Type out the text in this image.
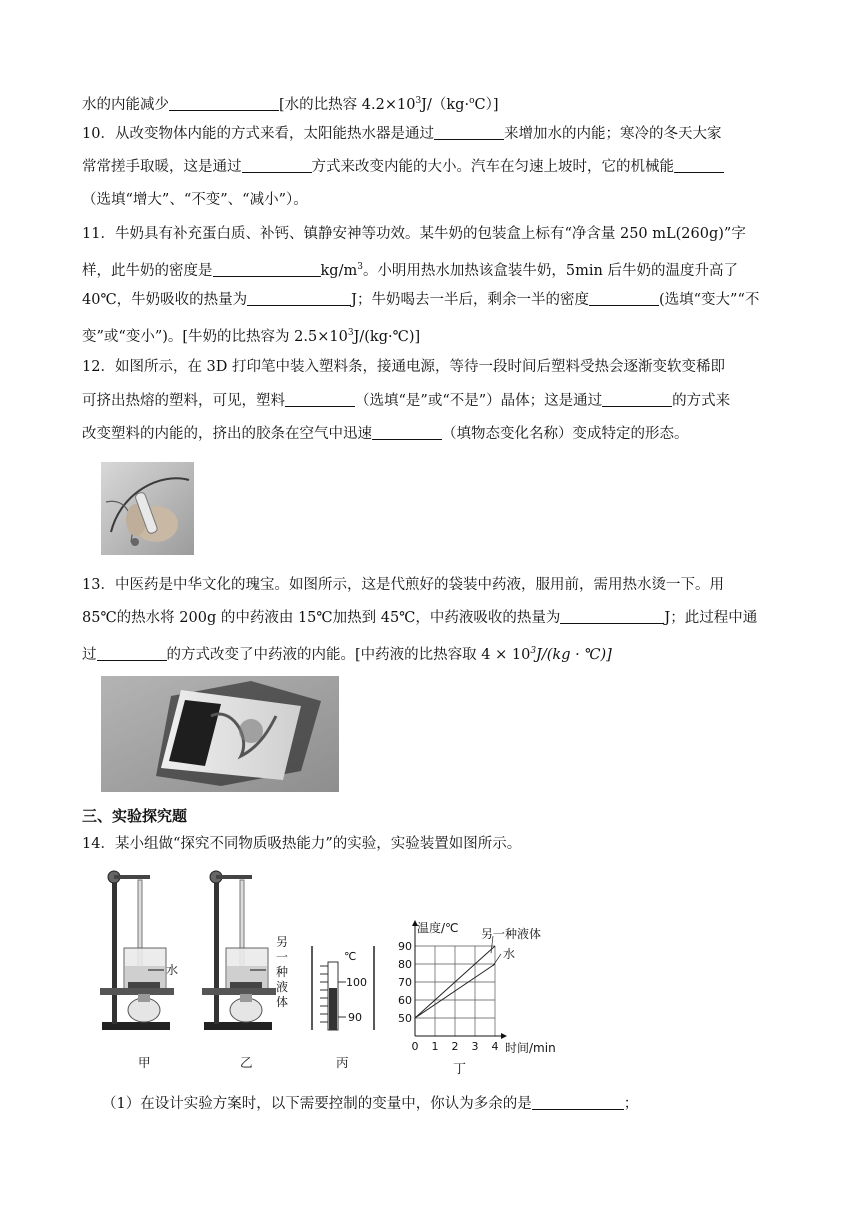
水的内能减少	[水的比热容 $4.2\times 10^3J/(kg\cdot^oC)$]
10．从改变物体内能的方式来看，太阳能热水器是通过	来增加水的内能；寒冷的冬天大家
常常搓手取暖，这是通过	方式来改变内能的大小。汽车在匀速上坡时，它的机械能
（选填“增大”、“不变”、“减小”）。
11．牛奶具有补充蛋白质、补钙、镇静安神等功效。某牛奶的包装盒上标有“净含量 250 mL(260g)”字
样，此牛奶的密度是	$kg/m^3$。小明用热水加热该盒装牛奶，5min 后牛奶的温度升高了
40℃，牛奶吸收的热量为	J；牛奶喝去一半后，剩余一半的密度	(选填“变大”“不
变”或“变小”)。[牛奶的比热容为 $2.5\times 10^3J/(kg\cdot℃)$]
12．如图所示，在 3D 打印笔中装入塑料条，接通电源，等待一段时间后塑料受热会逐渐变软变稀即
可挤出热熔的塑料，可见，塑料	（选填“是”或“不是”）晶体；这是通过	的方式来
改变塑料的内能的，挤出的胶条在空气中迅速	（填物态变化名称）变成特定的形态。
13．中医药是中华文化的瑰宝。如图所示，这是代煎好的袋装中药液，服用前，需用热水烫一下。用
85℃的热水将 200g 的中药液由 15℃加热到 45℃，中药液吸收的热量为	J；此过程中通
过	的方式改变了中药液的内能。[中药液的比热容取 $4 \times 10^3J/(kg$ · ℃)]
三、实验探究题
14．某小组做“探究不同物质吸热能力”的实验，实验装置如图所示。
水
另
一
种
液
体
℃
100
90
甲	乙	丙
50
60
70
80
90
0 1 2 3 4
温度/℃
时间/min
另一种液体
水
丁
（1）在设计实验方案时，以下需要控制的变量中，你认为多余的是	；
